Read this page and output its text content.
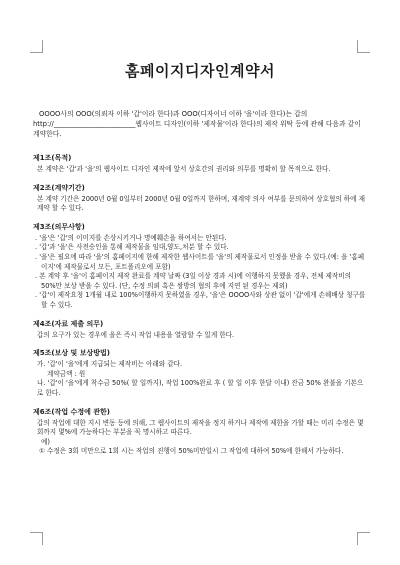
홈페이지디자인계약서

OOOO사의 OOO(의뢰자 이하 '갑'이라 한다)과 OOO(디자이너 이하 '을'이라 한다)는 갑의 http://________________________웹사이트 디자인(이하 '제작물'이라 한다)의 제작 위탁 등에 관해 다음과 같이 계약한다.

제1조(목적)

본 계약은 '갑'과 '을'의 웹사이트 디자인 제작에 앞서 상호간의 권리와 의무를 명확히 할 목적으로 한다.

제2조(계약기간)

본 계약 기간은 2000년 0월 0일부터 2000년 0월 0일까지 한하며, 재계약 의사 여부를 문의하여 상호협의 하에 재계약 할 수 있다.

제3조(의무사항)
. '을'은 '갑'의 이미지를 손상시키거나 명예훼손을 하여서는 안된다.
. '갑'과 '을'은 사전승인을 통해 제작물을 임대,양도,처분 할 수 있다.
. '을'은 필요에 따라 '을'의 홈페이지에 한해 제작한 웹사이트를 '을'의 제작물로서 인정을 받을 수 있다.(예: 을 '홈페이지'에 제작물로서 모든, 포트폴리오에 포함)
. 본 계약 후 '을'이 홈페이지 제작 완료를 계약 날짜 (3일 이상 경과 시)에 이행하지 못했을 경우, 전체 제작비의 50%만 보상 받을 수 있다. (단, 수정 의뢰 혹은 쌍방의 협의 후에 지연 된 경우는 제외)
. '갑'이 제작요청 1개월 내로 100%이행하지 못하였을 경우, '을'은 OOOO사와 상관 없이 '갑'에게 손해배상 청구를 할 수 있다.
제4조(자료 제출 의무)

갑의 요구가 있는 경우에 을은 즉시 작업 내용을 열람할 수 있게 한다.

제5조(보상 및 보상방법)

가. '갑'이 '을'에게 지급되는 제작비는 아래와 같다.

계약금액 : 원

나. '갑'이 '을'에게 착수금 50%( 할 일까지), 작업 100%완료 후 ( 할 일 이후 한달 이내) 잔금 50% 완불을 기본으로 한다.

제6조(작업 수정에 관한)

갑의 작업에 대한 지시 변동 등에 의해, 그 웹사이트의 제작을 정지 하거나 제작에 제한을 가할 때는 미리 수정은 몇 회까지 몇%에 가능하다는 부분을 꼭 명시하고 따른다.

예)

① 수정은 3회 미만으로 1회 시는 작업의 진행이 50%미만일시 그 작업에 대하여 50%에 한해서 가능하다.
